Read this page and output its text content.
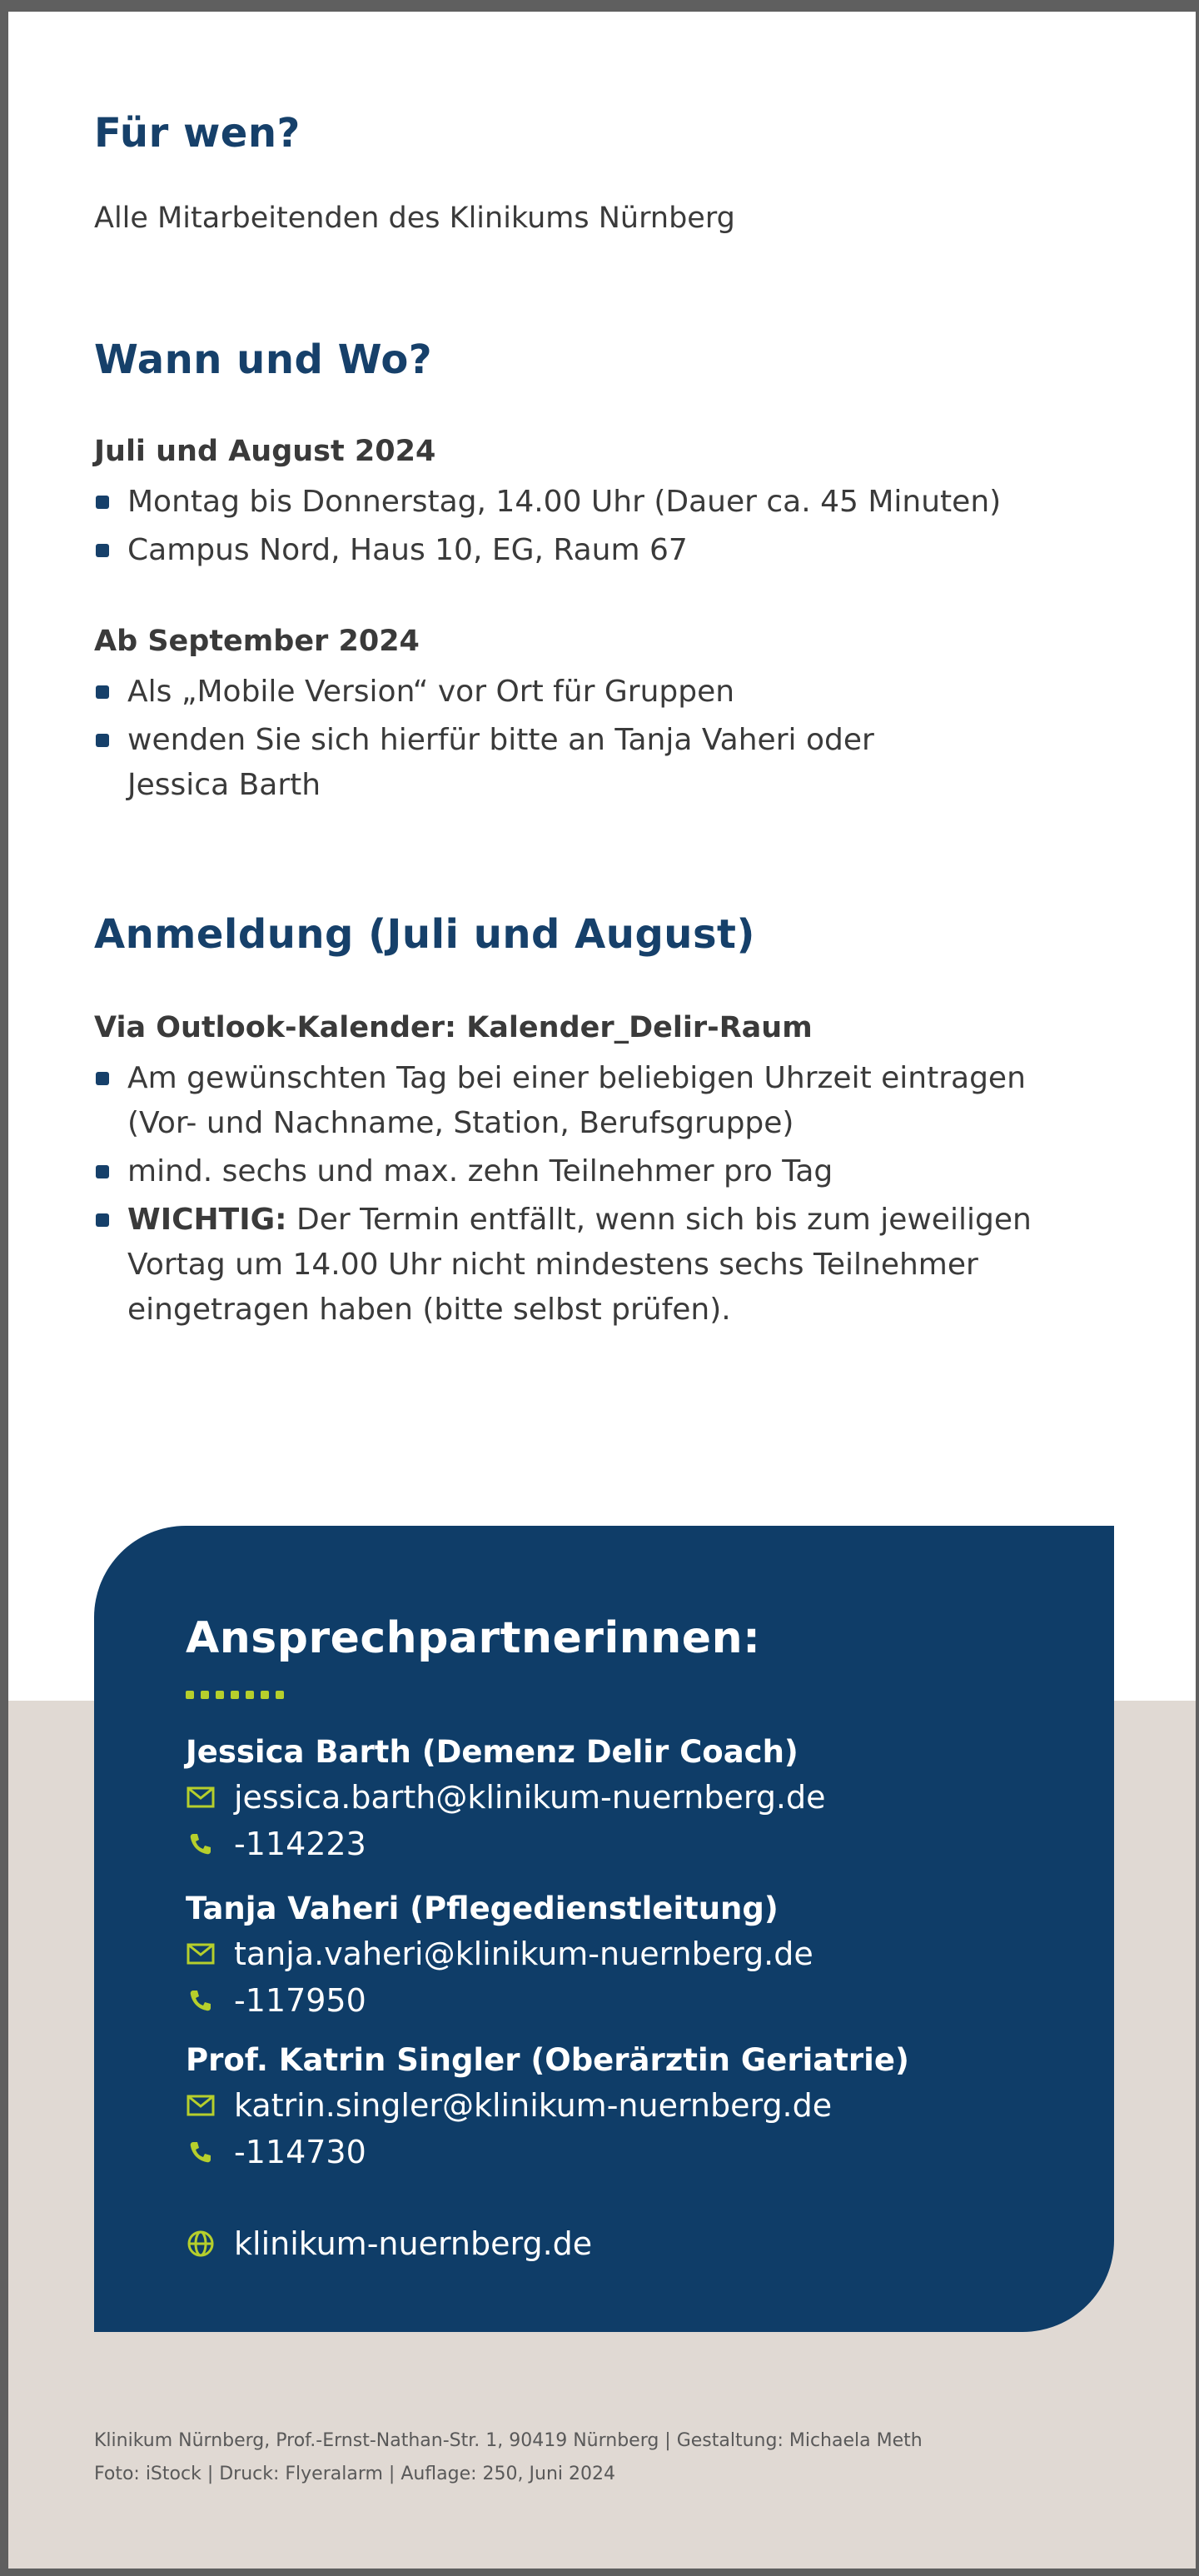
Für wen?

Alle Mitarbeitenden des Klinikums Nürnberg

Wann und Wo?

Juli und August 2024

Montag bis Donnerstag, 14.00 Uhr (Dauer ca. 45 Minuten)
Campus Nord, Haus 10, EG, Raum 67

Ab September 2024

Als „Mobile Version“ vor Ort für Gruppen
wenden Sie sich hierfür bitte an Tanja Vaheri oder Jessica Barth
Anmeldung (Juli und August)

Via Outlook-Kalender: Kalender_Delir-Raum

Am gewünschten Tag bei einer beliebigen Uhrzeit eintragen (Vor- und Nachname, Station, Berufsgruppe)
mind. sechs und max. zehn Teilnehmer pro Tag
WICHTIG: Der Termin entfällt, wenn sich bis zum jeweiligen Vortag um 14.00 Uhr nicht mindestens sechs Teilnehmer eingetragen haben (bitte selbst prüfen).
Ansprechpartnerinnen:
Jessica Barth (Demenz Delir Coach)
jessica.barth@klinikum-nuernberg.de
-114223
Tanja Vaheri (Pflegedienstleitung)
tanja.vaheri@klinikum-nuernberg.de
-117950
Prof. Katrin Singler (Oberärztin Geriatrie)
katrin.singler@klinikum-nuernberg.de
-114730
klinikum-nuernberg.de
Klinikum Nürnberg, Prof.-Ernst-Nathan-Str. 1, 90419 Nürnberg | Gestaltung: Michaela Meth
Foto: iStock | Druck: Flyeralarm | Auflage: 250, Juni 2024
